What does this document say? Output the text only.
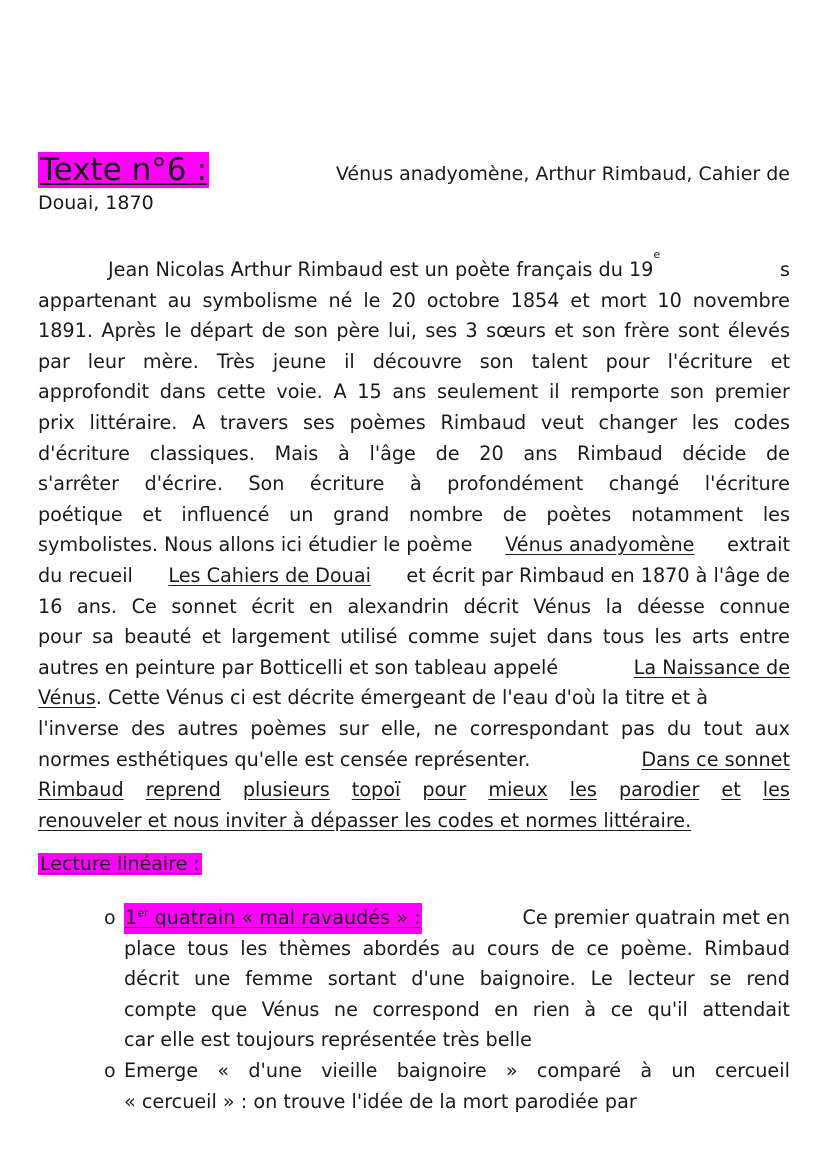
Texte n°6 :	Vénus anadyomène, Arthur Rimbaud, Cahier de
Douai, 1870
Jean Nicolas Arthur Rimbaud est un poète français du 19
e
s
appartenant au symbolisme né le 20 octobre 1854 et mort 10 novembre
1891. Après le départ de son père lui, ses 3 sœurs et son frère sont élevés
par leur mère. Très jeune il découvre son talent pour l'écriture et
approfondit dans cette voie. A 15 ans seulement il remporte son premier
prix littéraire. A travers ses poèmes Rimbaud veut changer les codes
d'écriture classiques. Mais à l'âge de 20 ans Rimbaud décide de
s'arrêter d'écrire. Son écriture à profondément changé l'écriture
poétique et influencé un grand nombre de poètes notamment les
symbolistes. Nous allons ici étudier le poème Vénus anadyomène extrait
du recueil Les Cahiers de Douai et écrit par Rimbaud en 1870 à l'âge de
16 ans. Ce sonnet écrit en alexandrin décrit Vénus la déesse connue
pour sa beauté et largement utilisé comme sujet dans tous les arts entre
autres en peinture par Botticelli et son tableau appelé	La Naissance de
Vénus . Cette Vénus ci est décrite émergeant de l'eau d'où la titre et à
l'inverse des autres poèmes sur elle, ne correspondant pas du tout aux
normes esthétiques qu'elle est censée représenter.	Dans ce sonnet
Rimbaud reprend plusieurs topoï pour mieux les parodier et les
renouveler et nous inviter à dépasser les codes et normes littéraire.
Lecture linéaire :
o 1er quatrain « mal ravaudés » :	Ce premier quatrain met en
place tous les thèmes abordés au cours de ce poème. Rimbaud
décrit une femme sortant d'une baignoire. Le lecteur se rend
compte que Vénus ne correspond en rien à ce qu'il attendait
car elle est toujours représentée très belle
o Emerge « d'une vieille baignoire » comparé à un cercueil
« cercueil » : on trouve l'idée de la mort parodiée par
